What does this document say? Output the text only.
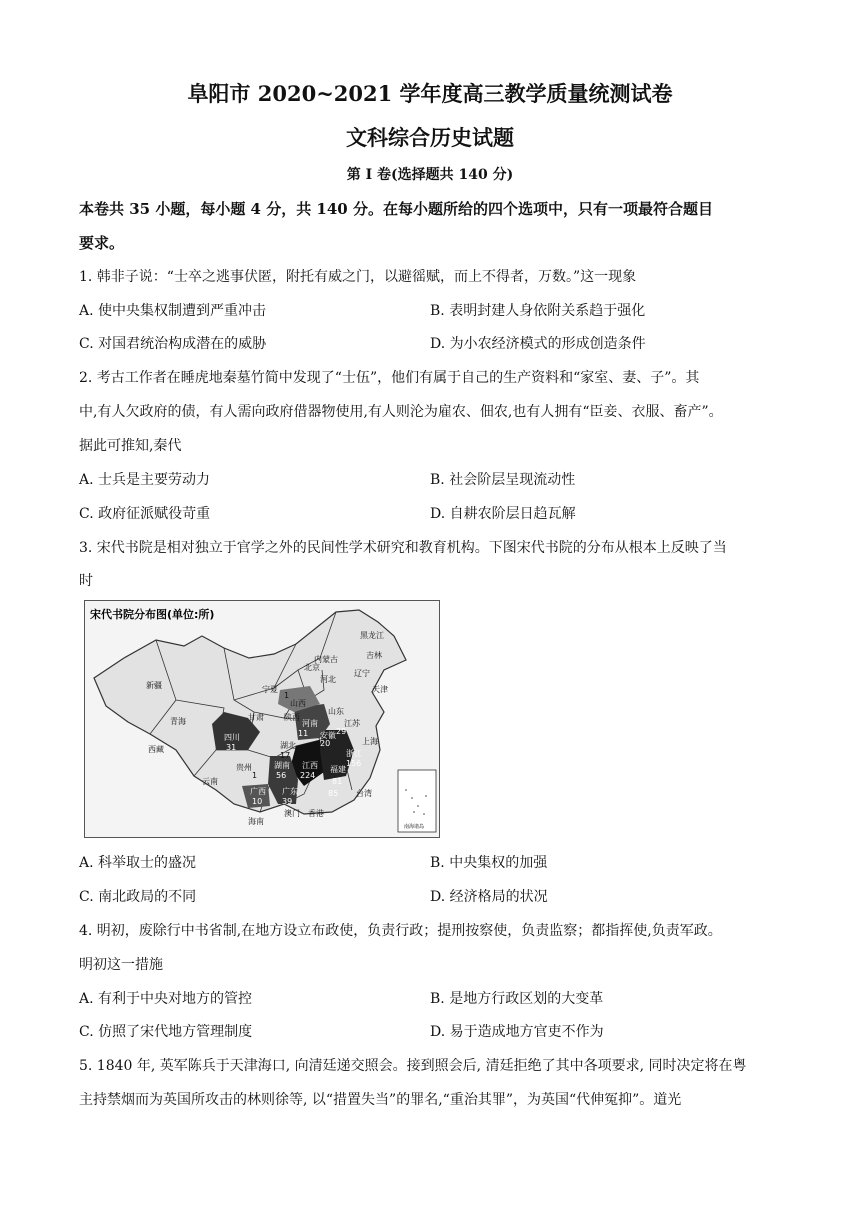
阜阳市 2020~2021 学年度高三教学质量统测试卷
文科综合历史试题
第 I 卷(选择题共 140 分)
本卷共 35 小题，每小题 4 分，共 140 分。在每小题所给的四个选项中，只有一项最符合题目
要求。
1. 韩非子说：“士卒之逃事伏匿，附托有威之门，以避徭赋，而上不得者，万数。”这一现象
A. 使中央集权制遭到严重冲击	B. 表明封建人身依附关系趋于强化
C. 对国君统治构成潜在的威胁	D. 为小农经济模式的形成创造条件
2. 考古工作者在睡虎地秦墓竹简中发现了“士伍”，他们有属于自己的生产资料和“家室、妻、子”。其
中,有人欠政府的债，有人需向政府借器物使用,有人则沦为雇农、佃农,也有人拥有“臣妾、衣服、畜产”。
据此可推知,秦代
A. 士兵是主要劳动力	B. 社会阶层呈现流动性
C. 政府征派赋役苛重	D. 自耕农阶层日趋瓦解
3. 宋代书院是相对独立于官学之外的民间性学术研究和教育机构。下图宋代书院的分布从根本上反映了当
时
宋代书院分布图(单位:所)
黑龙江
吉林
内蒙古
辽宁
北京
天津
河北
新疆	宁夏
山西
山东
青海	甘肃	陕西
河南	江苏
安徽
上海
西藏
四川
湖北
浙江
贵州	湖南 江西 福建
云南
广西 广东	台湾
海南
澳门 香港
1
11
17
20
29
31
1 56
81
156
224
85
10 39
南海诸岛
A. 科举取士的盛况	B. 中央集权的加强
C. 南北政局的不同	D. 经济格局的状况
4. 明初，废除行中书省制,在地方设立布政使，负责行政；提刑按察使，负责监察；都指挥使,负责军政。
明初这一措施
A. 有利于中央对地方的管控	B. 是地方行政区划的大变革
C. 仿照了宋代地方管理制度	D. 易于造成地方官吏不作为
5. 1840 年, 英军陈兵于天津海口, 向清廷递交照会。接到照会后, 清廷拒绝了其中各项要求, 同时决定将在粤
主持禁烟而为英国所攻击的林则徐等, 以“措置失当”的罪名,“重治其罪”，为英国“代伸冤抑”。道光
